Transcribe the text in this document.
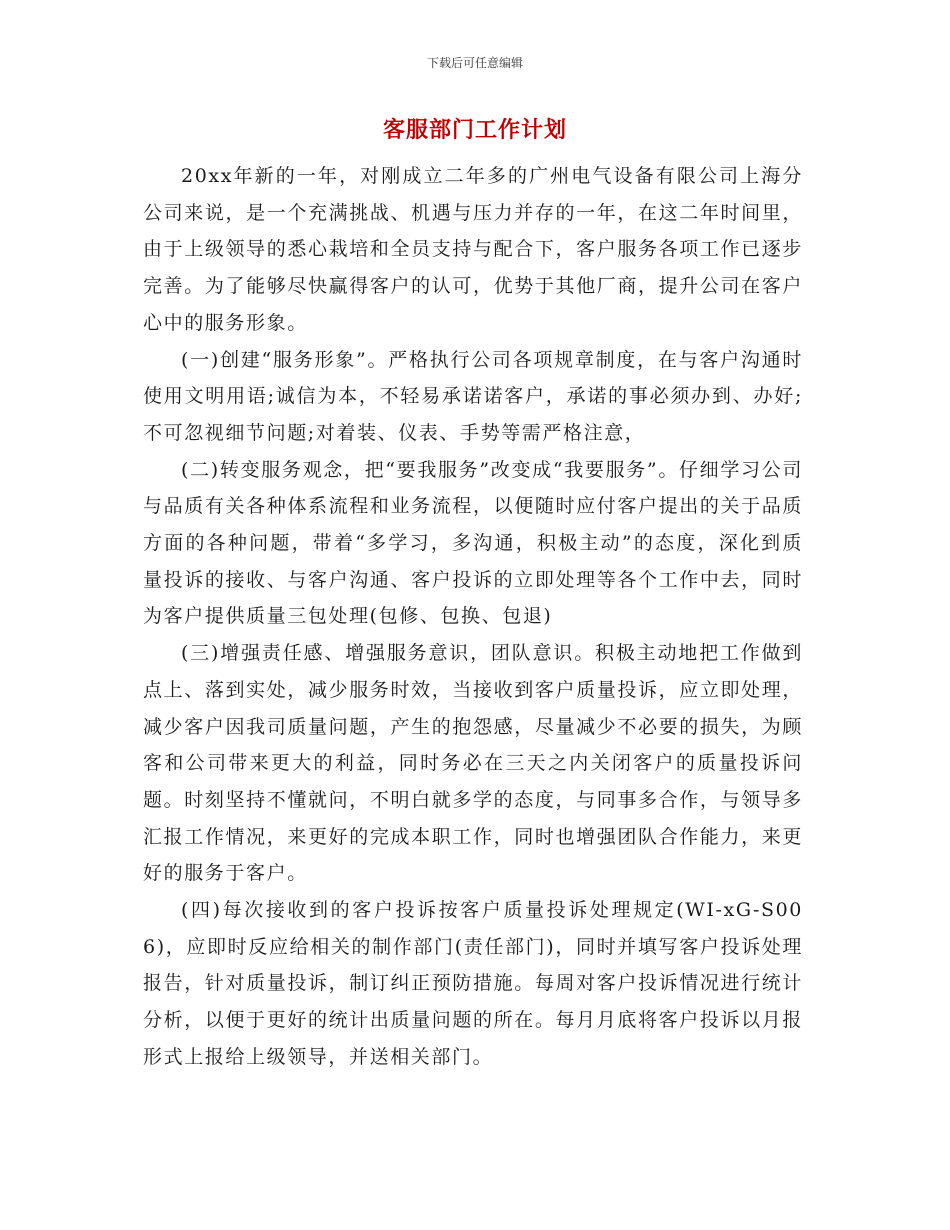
下载后可任意编辑
客服部门工作计划

20xx年新的一年，对刚成立二年多的广州电气设备有限公司上海分公司来说，是一个充满挑战、机遇与压力并存的一年，在这二年时间里，由于上级领导的悉心栽培和全员支持与配合下，客户服务各项工作已逐步完善。为了能够尽快赢得客户的认可，优势于其他厂商，提升公司在客户心中的服务形象。

(一)创建“服务形象”。严格执行公司各项规章制度，在与客户沟通时使用文明用语;诚信为本，不轻易承诺诺客户，承诺的事必须办到、办好;不可忽视细节问题;对着装、仪表、手势等需严格注意，

(二)转变服务观念，把“要我服务”改变成“我要服务”。仔细学习公司与品质有关各种体系流程和业务流程，以便随时应付客户提出的关于品质方面的各种问题，带着“多学习，多沟通，积极主动”的态度，深化到质量投诉的接收、与客户沟通、客户投诉的立即处理等各个工作中去，同时为客户提供质量三包处理(包修、包换、包退)

(三)增强责任感、增强服务意识，团队意识。积极主动地把工作做到点上、落到实处，减少服务时效，当接收到客户质量投诉，应立即处理，减少客户因我司质量问题，产生的抱怨感，尽量减少不必要的损失，为顾客和公司带来更大的利益，同时务必在三天之内关闭客户的质量投诉问题。时刻坚持不懂就问，不明白就多学的态度，与同事多合作，与领导多汇报工作情况，来更好的完成本职工作，同时也增强团队合作能力，来更好的服务于客户。

(四)每次接收到的客户投诉按客户质量投诉处理规定(WI-xG-S006)，应即时反应给相关的制作部门(责任部门)，同时并填写客户投诉处理报告，针对质量投诉，制订纠正预防措施。每周对客户投诉情况进行统计分析，以便于更好的统计出质量问题的所在。每月月底将客户投诉以月报形式上报给上级领导，并送相关部门。
